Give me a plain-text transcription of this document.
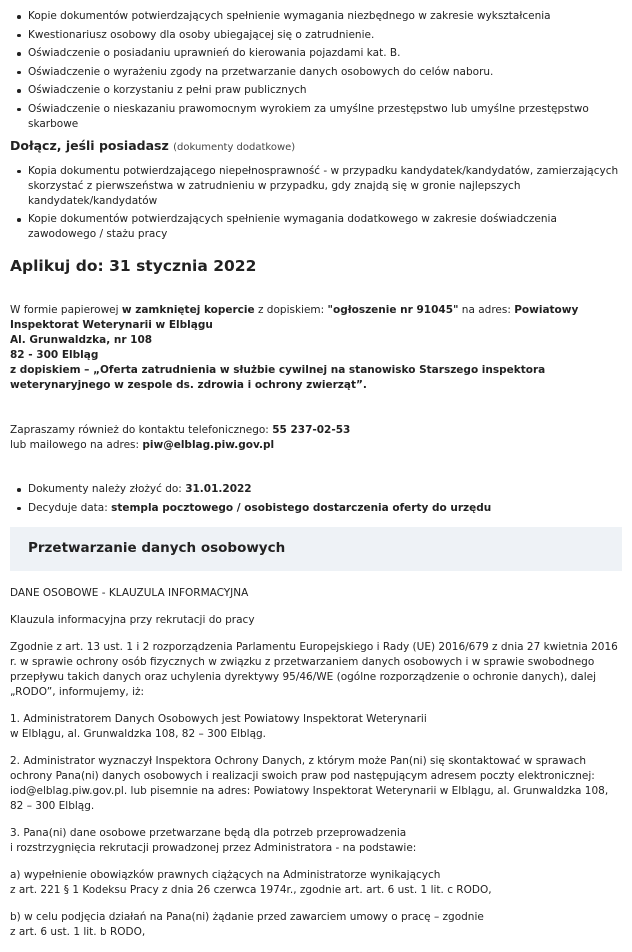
Kopie dokumentów potwierdzających spełnienie wymagania niezbędnego w zakresie wykształcenia
Kwestionariusz osobowy dla osoby ubiegającej się o zatrudnienie.
Oświadczenie o posiadaniu uprawnień do kierowania pojazdami kat. B.
Oświadczenie o wyrażeniu zgody na przetwarzanie danych osobowych do celów naboru.
Oświadczenie o korzystaniu z pełni praw publicznych
Oświadczenie o nieskazaniu prawomocnym wyrokiem za umyślne przestępstwo lub umyślne przestępstwo skarbowe
Dołącz, jeśli posiadasz (dokumenty dodatkowe)
Kopia dokumentu potwierdzającego niepełnosprawność - w przypadku kandydatek/kandydatów, zamierzających skorzystać z pierwszeństwa w zatrudnieniu w przypadku, gdy znajdą się w gronie najlepszych kandydatek/kandydatów
Kopie dokumentów potwierdzających spełnienie wymagania dodatkowego w zakresie doświadczenia zawodowego / stażu pracy
Aplikuj do: 31 stycznia 2022

W formie papierowej w zamkniętej kopercie z dopiskiem: "ogłoszenie nr 91045" na adres: Powiatowy Inspektorat Weterynarii w Elblągu
Al. Grunwaldzka, nr 108
82 - 300 Elbląg
z dopiskiem – „Oferta zatrudnienia w służbie cywilnej na stanowisko Starszego inspektora weterynaryjnego w zespole ds. zdrowia i ochrony zwierząt”.

Zapraszamy również do kontaktu telefonicznego: 55 237-02-53
lub mailowego na adres: piw@elblag.piw.gov.pl

Dokumenty należy złożyć do: 31.01.2022
Decyduje data: stempla pocztowego / osobistego dostarczenia oferty do urzędu
Przetwarzanie danych osobowych

DANE OSOBOWE - KLAUZULA INFORMACYJNA

Klauzula informacyjna przy rekrutacji do pracy

Zgodnie z art. 13 ust. 1 i 2 rozporządzenia Parlamentu Europejskiego i Rady (UE) 2016/679 z dnia 27 kwietnia 2016 r. w sprawie ochrony osób fizycznych w związku z przetwarzaniem danych osobowych i w sprawie swobodnego przepływu takich danych oraz uchylenia dyrektywy 95/46/WE (ogólne rozporządzenie o ochronie danych), dalej „RODO”, informujemy, iż:

1. Administratorem Danych Osobowych jest Powiatowy Inspektorat Weterynarii
w Elblągu, al. Grunwaldzka 108, 82 – 300 Elbląg.

2. Administrator wyznaczył Inspektora Ochrony Danych, z którym może Pan(ni) się skontaktować w sprawach ochrony Pana(ni) danych osobowych i realizacji swoich praw pod następującym adresem poczty elektronicznej: iod@elblag.piw.gov.pl. lub pisemnie na adres: Powiatowy Inspektorat Weterynarii w Elblągu, al. Grunwaldzka 108, 82 – 300 Elbląg.

3. Pana(ni) dane osobowe przetwarzane będą dla potrzeb przeprowadzenia
i rozstrzygnięcia rekrutacji prowadzonej przez Administratora - na podstawie:

a) wypełnienie obowiązków prawnych ciążących na Administratorze wynikających
z art. 221 § 1 Kodeksu Pracy z dnia 26 czerwca 1974r., zgodnie art. art. 6 ust. 1 lit. c RODO,

b) w celu podjęcia działań na Pana(ni) żądanie przed zawarciem umowy o pracę – zgodnie
z art. 6 ust. 1 lit. b RODO,
